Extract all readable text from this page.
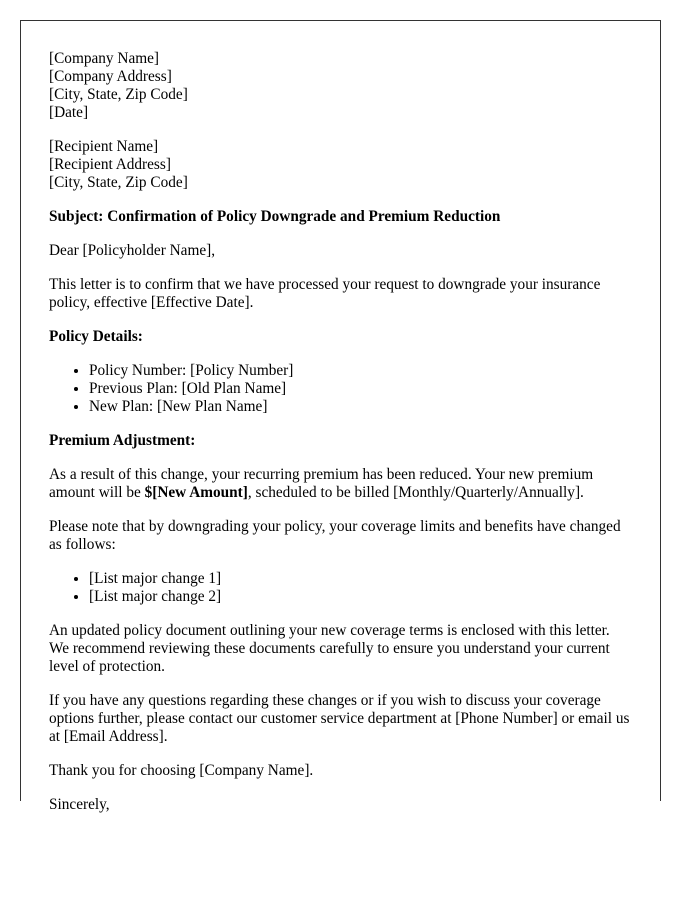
[Company Name]
[Company Address]
[City, State, Zip Code]
[Date]
[Recipient Name]
[Recipient Address]
[City, State, Zip Code]

Subject: Confirmation of Policy Downgrade and Premium Reduction

Dear [Policyholder Name],

This letter is to confirm that we have processed your request to downgrade your insurance policy, effective [Effective Date].

Policy Details:

• Policy Number: [Policy Number]
• Previous Plan: [Old Plan Name]
• New Plan: [New Plan Name]

Premium Adjustment:

As a result of this change, your recurring premium has been reduced. Your new premium amount will be $[New Amount], scheduled to be billed [Monthly/Quarterly/Annually].

Please note that by downgrading your policy, your coverage limits and benefits have changed as follows:

• [List major change 1]
• [List major change 2]

An updated policy document outlining your new coverage terms is enclosed with this letter. We recommend reviewing these documents carefully to ensure you understand your current level of protection.

If you have any questions regarding these changes or if you wish to discuss your coverage options further, please contact our customer service department at [Phone Number] or email us at [Email Address].

Thank you for choosing [Company Name].

Sincerely,
